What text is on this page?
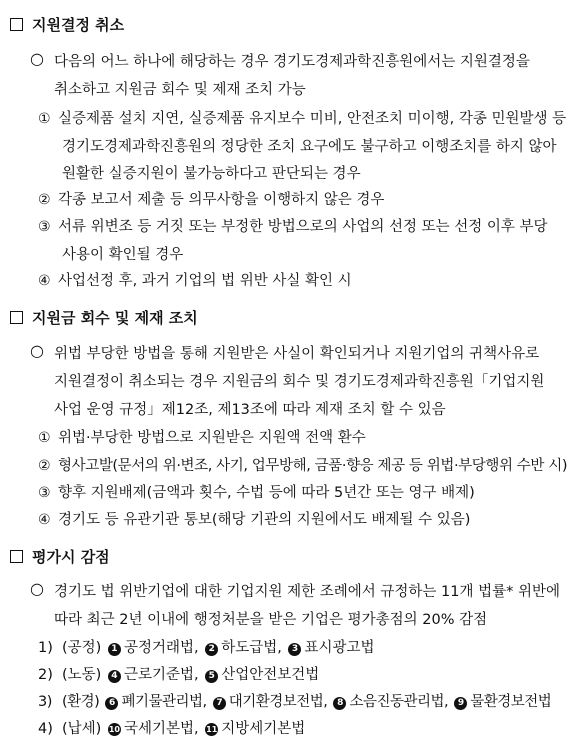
지원결정 취소
○ 다음의 어느 하나에 해당하는 경우 경기도경제과학진흥원에서는 지원결정을
취소하고 지원금 회수 및 제재 조치 가능
① 실증제품 설치 지연, 실증제품 유지보수 미비, 안전조치 미이행, 각종 민원발생 등
경기도경제과학진흥원의 정당한 조치 요구에도 불구하고 이행조치를 하지 않아
원활한 실증지원이 불가능하다고 판단되는 경우
② 각종 보고서 제출 등 의무사항을 이행하지 않은 경우
③ 서류 위변조 등 거짓 또는 부정한 방법으로의 사업의 선정 또는 선정 이후 부당
사용이 확인될 경우
④ 사업선정 후, 과거 기업의 법 위반 사실 확인 시
지원금 회수 및 제재 조치
○ 위법 부당한 방법을 통해 지원받은 사실이 확인되거나 지원기업의 귀책사유로
지원결정이 취소되는 경우 지원금의 회수 및 경기도경제과학진흥원「기업지원
사업 운영 규정」제12조, 제13조에 따라 제재 조치 할 수 있음
① 위법·부당한 방법으로 지원받은 지원액 전액 환수
② 형사고발(문서의 위·변조, 사기, 업무방해, 금품·향응 제공 등 위법·부당행위 수반 시)
③ 향후 지원배제(금액과 횟수, 수법 등에 따라 5년간 또는 영구 배제)
④ 경기도 등 유관기관 통보(해당 기관의 지원에서도 배제될 수 있음)
평가시 감점
○ 경기도 법 위반기업에 대한 기업지원 제한 조례에서 규정하는 11개 법률* 위반에
따라 최근 2년 이내에 행정처분을 받은 기업은 평가총점의 20% 감점
1) (공정) 1 공정거래법, 2 하도급법, 3 표시광고법
2) (노동) 4 근로기준법, 5 산업안전보건법
3) (환경) 6 폐기물관리법, 7 대기환경보전법, 8 소음진동관리법, 9 물환경보전법
4) (납세) 10 국세기본법, 11 지방세기본법
